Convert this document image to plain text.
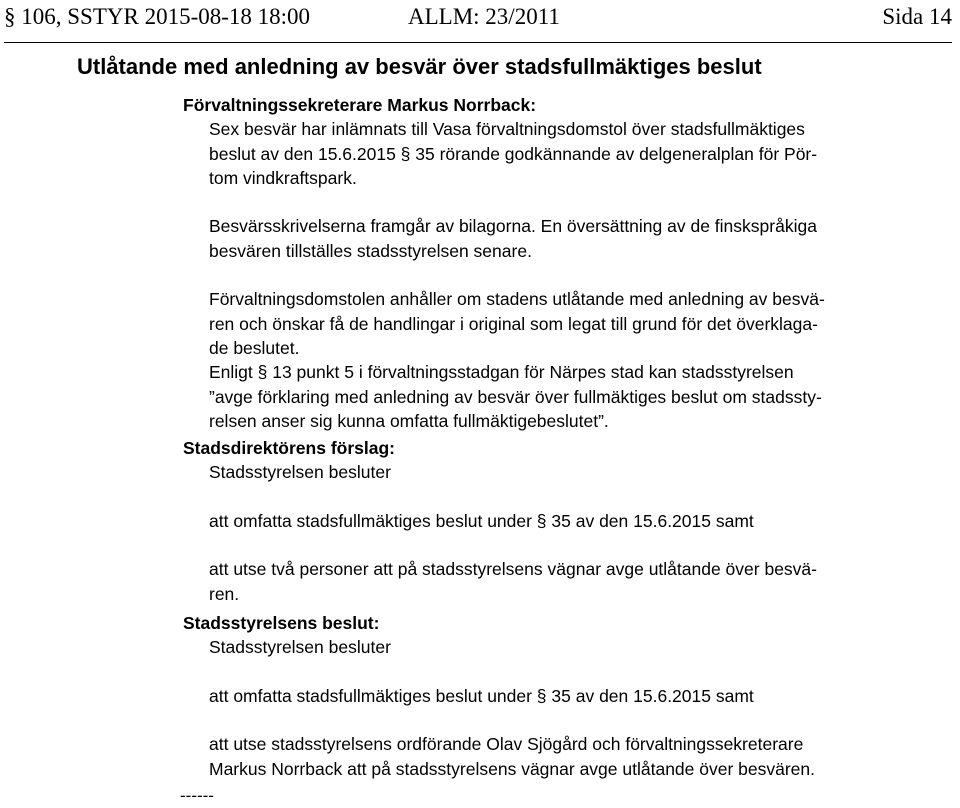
§ 106, SSTYR 2015-08-18 18:00	ALLM: 23/2011	Sida 14
Utlåtande med anledning av besvär över stadsfullmäktiges beslut

Förvaltningssekreterare Markus Norrback:

Sex besvär har inlämnats till Vasa förvaltningsdomstol över stadsfullmäktiges

beslut av den 15.6.2015 § 35 rörande godkännande av delgeneralplan för Pör-

tom vindkraftspark.

Besvärsskrivelserna framgår av bilagorna. En översättning av de finskspråkiga

besvären tillställes stadsstyrelsen senare.

Förvaltningsdomstolen anhåller om stadens utlåtande med anledning av besvä-

ren och önskar få de handlingar i original som legat till grund för det överklaga-

de beslutet.

Enligt § 13 punkt 5 i förvaltningsstadgan för Närpes stad kan stadsstyrelsen

”avge förklaring med anledning av besvär över fullmäktiges beslut om stadssty-

relsen anser sig kunna omfatta fullmäktigebeslutet”.

Stadsdirektörens förslag:

Stadsstyrelsen besluter

att omfatta stadsfullmäktiges beslut under § 35 av den 15.6.2015 samt

att utse två personer att på stadsstyrelsens vägnar avge utlåtande över besvä-

ren.

Stadsstyrelsens beslut:

Stadsstyrelsen besluter

att omfatta stadsfullmäktiges beslut under § 35 av den 15.6.2015 samt

att utse stadsstyrelsens ordförande Olav Sjögård och förvaltningssekreterare

Markus Norrback att på stadsstyrelsens vägnar avge utlåtande över besvären.

------
